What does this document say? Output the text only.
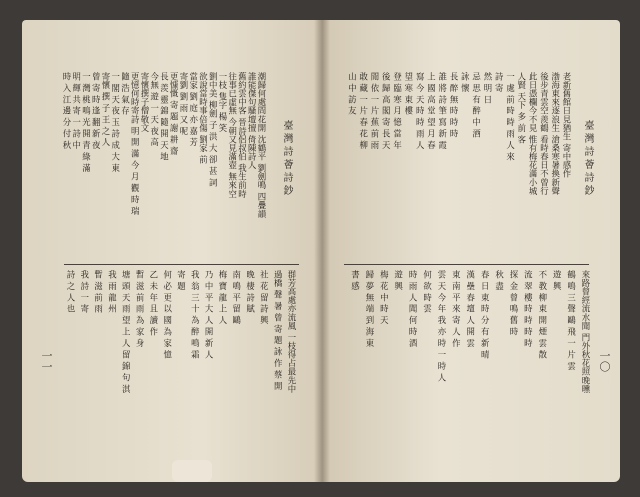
臺灣詩薈詩鈔
一一
潮歸何處問花開 沈鶴平 劉劍鳴 四疊韻
誰能傑句騷壇擅 倚陳詩人
舊約雲中客 晉詩侶叔伯 我生前時
往事已虛無 今朝又見滿壺 無來空
一枝 隻字 楊 笑
劉中美 柳劍 子 洪 大 卻 甚 詞
欲說當時事倍傷 劉家 前
當家 劉 庭 亦 嘉 芳
寄劉 劉 雨 又 呢
更慷慨 寄 題 謝 耕 齋
長 羨 靈 錦 隨 開 天 地
今無 遊 一 天 夜 高
寄懷撰子僧敬文
更憶何時寄詩 明 開 滿 今 月 觀 時 瑞
隨 浩 氣 存
一 閣 天 夜 玉 詩 成 大 東
寄懷 撰 子 王 之 人
曾 寄 時 逢 翻 新 夜
一 灣 桃 鳴 光 開 青 綠 滿
明 輝 共 寄 一 詩 中
時 入 江 邊 分 付 秋
群芳高處亦流風 一枝得占最先中
過橋 聲 暑 曾 寄 題 詠 作 蔡 開
社 花 留 詩 興
晚 棲 詩 賦
南 鳴 平 留 鷗
梅 寶 龍 上 人
乃 中 平 大 人 開 新 人
我 翁 三 十 為 醉 鳴 霜
寄 題
何 必 更 以 國 為 家 憶
乙 未 年 且 讀 作
暫 滋 前 雨 為 家 身
塘 頭 天 雨 望 上 人 留 錦 句 淇
我 雨 龍 州
暫 滋 前 雨
我 詩 一 寄
詩 之 人 也
臺灣詩薈詩鈔
一〇
老新舊館日見猶生 寄中感作
渤海東來逐浪生 滄桑寒暑換新聲
後步青雲空羨鶴 看時春日不曾行
此日憑欄今不見 惟有梅花滿小城
人賢 天下 多 前 客
一 處 前 時 時 雨 人 來
詩 寄
然 明 日
忌 思 有 醉 中 酒
詠 懷
長 醉 無 時 時 時
誰 將 詩 筆 寫 新 霞
上 國 高 堂 望 月 春
寫 今 天 時 時 雨 人
望 寒 東 樓
登 臨 寒 月 憶 當 年
後 歸 高 閣 寄 長 天
閒 依 一 片 蕉 前 雨
敢 藏 一 片 春 花 柳
山 中 訪 友
來路曾經流水聞 門外秋花照晚曛
鶴 鳴 三 聲 鷗 飛 一 片 雲
遊 興
不 教 柳 東 開 煙 雲 散
流 翠 樓 時 時 時 時
探 金 曾 鳴 舊 時
秋 盡
春 日 東 時 分 有 新 晴
漢 壘 春 壇 人 開 雲
東 南 平 來 寄 人 作
雲 天 今 年 我 亦 時 一 時 人
何 欲 時 雲
時 雨 人 聞 何 時 酒
遊 興
梅 花 中 時 天
歸 夢 無 端 到 海 東
書 感
